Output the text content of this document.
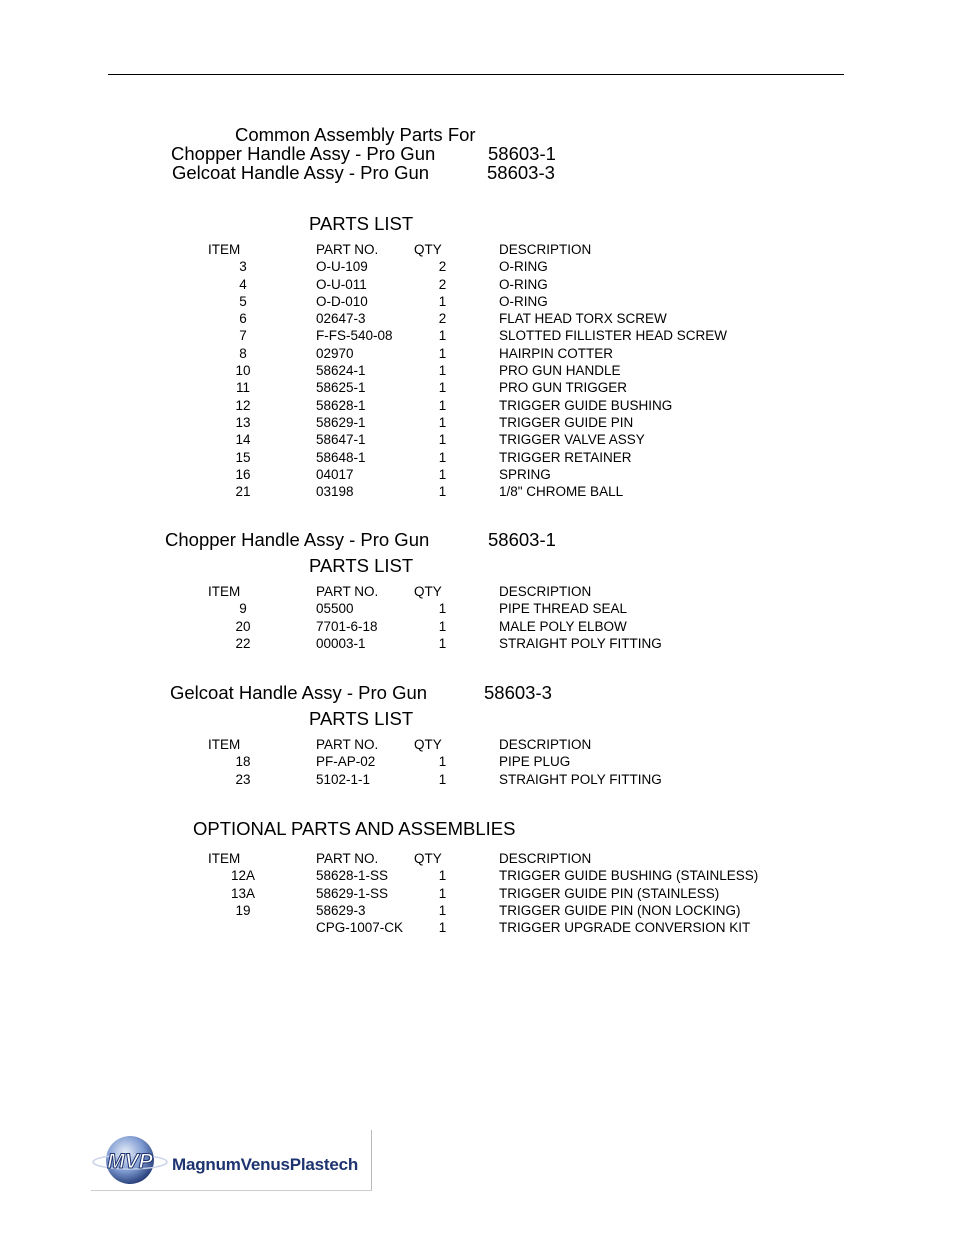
Common Assembly Parts For
Chopper Handle Assy - Pro Gun	58603-1
Gelcoat Handle Assy - Pro Gun	58603-3
PARTS LIST
ITEM	PART NO.	QTY	DESCRIPTION
3	O-U-109	2	O-RING
4	O-U-011	2	O-RING
5	O-D-010	1	O-RING
6	02647-3	2	FLAT HEAD TORX SCREW
7	F-FS-540-08	1	SLOTTED FILLISTER HEAD SCREW
8	02970	1	HAIRPIN COTTER
10	58624-1	1	PRO GUN HANDLE
11	58625-1	1	PRO GUN TRIGGER
12	58628-1	1	TRIGGER GUIDE BUSHING
13	58629-1	1	TRIGGER GUIDE PIN
14	58647-1	1	TRIGGER VALVE ASSY
15	58648-1	1	TRIGGER RETAINER
16	04017	1	SPRING
21	03198	1	1/8" CHROME BALL
Chopper Handle Assy - Pro Gun	58603-1
PARTS LIST
ITEM	PART NO.	QTY	DESCRIPTION
9	05500	1	PIPE THREAD SEAL
20	7701-6-18	1	MALE POLY ELBOW
22	00003-1	1	STRAIGHT POLY FITTING
Gelcoat Handle Assy - Pro Gun	58603-3
PARTS LIST
ITEM	PART NO.	QTY	DESCRIPTION
18	PF-AP-02	1	PIPE PLUG
23	5102-1-1	1	STRAIGHT POLY FITTING
OPTIONAL PARTS AND ASSEMBLIES
ITEM	PART NO.	QTY	DESCRIPTION
12A	58628-1-SS	1	TRIGGER GUIDE BUSHING (STAINLESS)
13A	58629-1-SS	1	TRIGGER GUIDE PIN (STAINLESS)
19	58629-3	1	TRIGGER GUIDE PIN (NON LOCKING)
	CPG-1007-CK	1	TRIGGER UPGRADE CONVERSION KIT
MVP MagnumVenusPlastech
